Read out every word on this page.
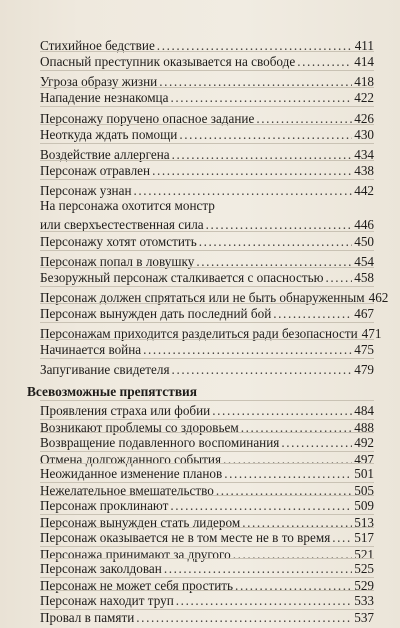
Стихийное бедствие .....	411
Опасный преступник оказывается на свободе .....	414
Угроза образу жизни .....	418
Нападение незнакомца .....	422
Персонажу поручено опасное задание .....	426
Неоткуда ждать помощи .....	430
Воздействие аллергена .....	434
Персонаж отравлен .....	438
Персонаж узнан .....	442
На персонажа охотится монстр
или сверхъестественная сила .....	446
Персонажу хотят отомстить .....	450
Персонаж попал в ловушку .....	454
Безоружный персонаж сталкивается с опасностью ..... 458
Персонаж должен спрятаться или не быть обнаруженным 462
Персонаж вынужден дать последний бой .....	467
Персонажам приходится разделиться ради безопасности 471
Начинается война .....	475
Запугивание свидетеля .....	479
Всевозможные препятствия
Проявления страха или фобии .....	484
Возникают проблемы со здоровьем .....	488
Возвращение подавленного воспоминания .....	492
Отмена долгожданного события .....	497
Неожиданное изменение планов .....	501
Нежелательное вмешательство .....	505
Персонаж проклинают .....	509
Персонаж вынужден стать лидером .....	513
Персонаж оказывается не в том месте не в то время ..... 517
Персонажа принимают за другого .....	521
Персонаж заколдован .....	525
Персонаж не может себя простить .....	529
Персонаж находит труп .....	533
Провал в памяти .....	537
